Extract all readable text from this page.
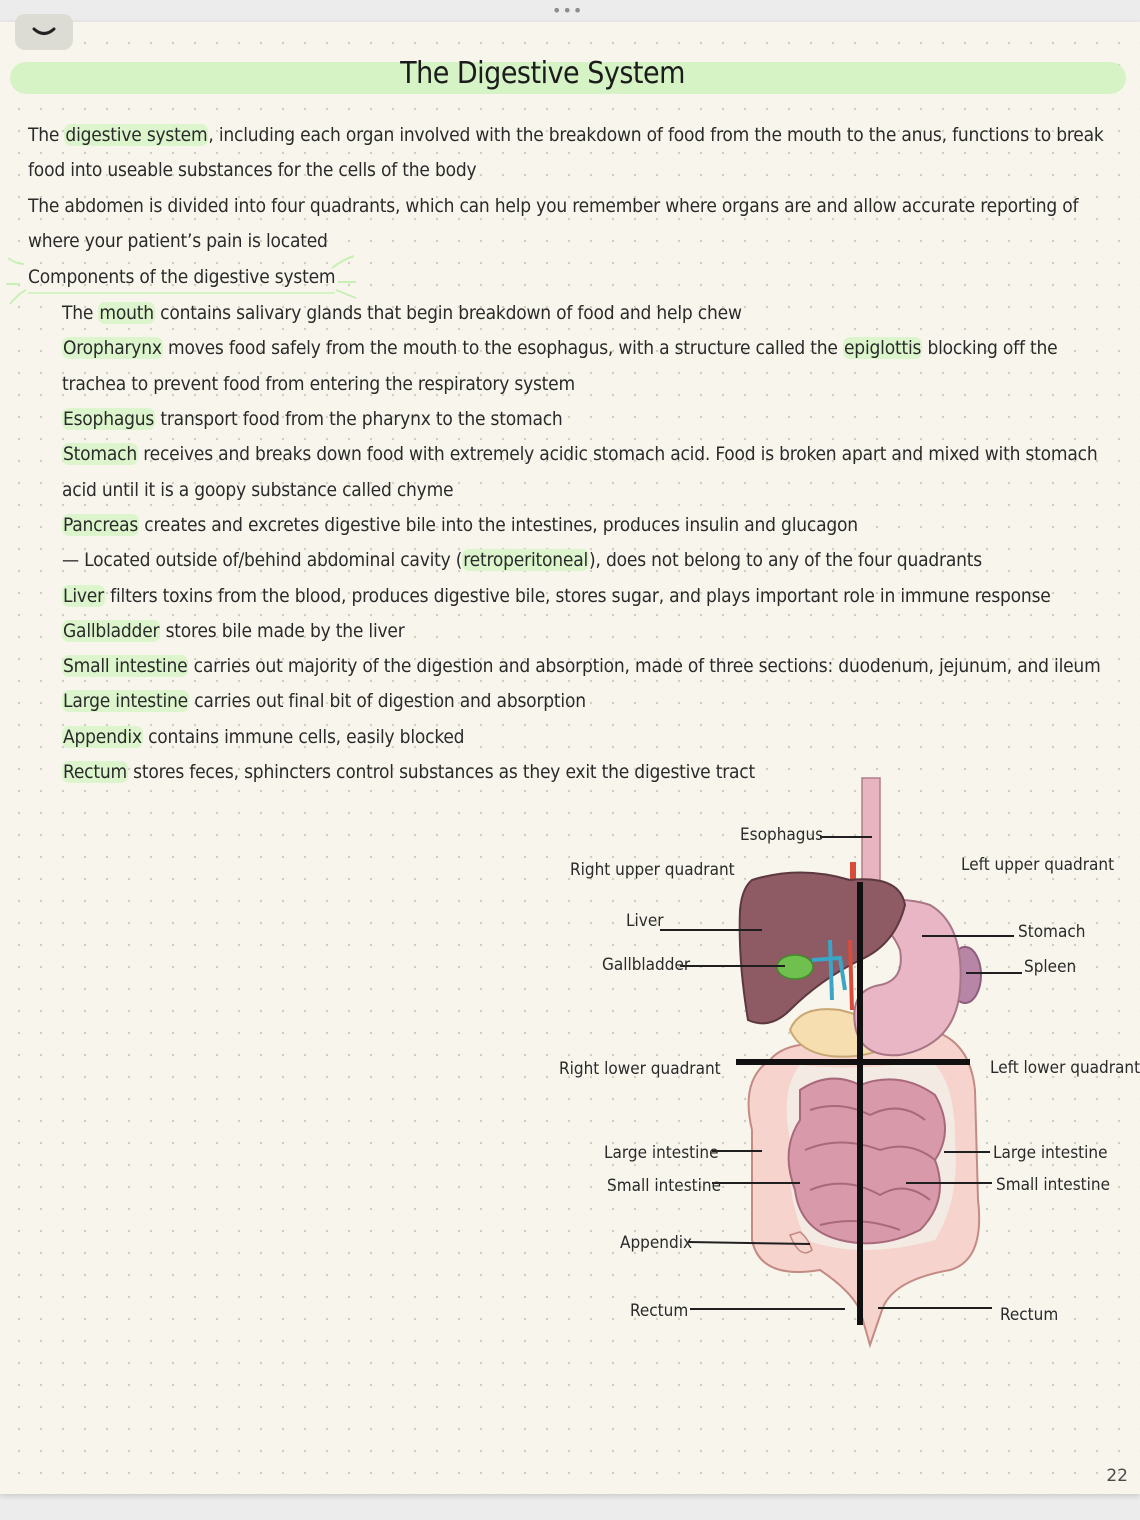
The Digestive System

The digestive system, including each organ involved with the breakdown of food from the mouth to the anus, functions to break food into useable substances for the cells of the body

The abdomen is divided into four quadrants, which can help you remember where organs are and allow accurate reporting of where your patient’s pain is located

Components of the digestive system

The mouth contains salivary glands that begin breakdown of food and help chew

Oropharynx moves food safely from the mouth to the esophagus, with a structure called the epiglottis blocking off the trachea to prevent food from entering the respiratory system

Esophagus transport food from the pharynx to the stomach

Stomach receives and breaks down food with extremely acidic stomach acid. Food is broken apart and mixed with stomach acid until it is a goopy substance called chyme

Pancreas creates and excretes digestive bile into the intestines, produces insulin and glucagon

— Located outside of/behind abdominal cavity (retroperitoneal), does not belong to any of the four quadrants

Liver filters toxins from the blood, produces digestive bile, stores sugar, and plays important role in immune response

Gallbladder stores bile made by the liver

Small intestine carries out majority of the digestion and absorption, made of three sections: duodenum, jejunum, and ileum

Large intestine carries out final bit of digestion and absorption

Appendix contains immune cells, easily blocked

Rectum stores feces, sphincters control substances as they exit the digestive tract

22
•••
Esophagus
Right upper quadrant	Left upper quadrant
Liver
Gallbladder
Stomach
Spleen
Right lower quadrant	Left lower quadrant
Large intestine
Small intestine
Appendix
Rectum
Large intestine
Small intestine
Rectum
